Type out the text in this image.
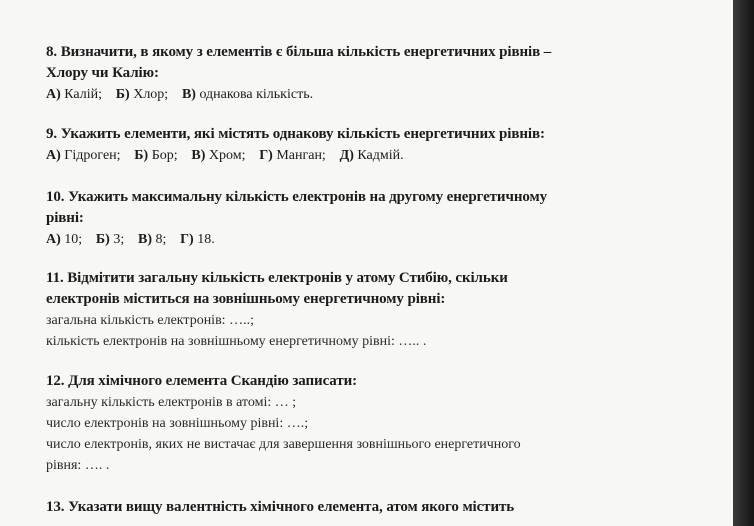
8. Визначити, в якому з елементів є більша кількість енергетичних рівнів –
Хлору чи Калію:
А) Калій; Б) Хлор; В) однакова кількість.
9. Укажить елементи, які містять однакову кількість енергетичних рівнів:
А) Гідроген; Б) Бор; В) Хром; Г) Манган; Д) Кадмій.
10. Укажить максимальну кількість електронів на другому енергетичному
рівні:
А) 10; Б) 3; В) 8; Г) 18.
11. Відмітити загальну кількість електронів у атому Стибію, скільки
електронів міститься на зовнішньому енергетичному рівні:
загальна кількість електронів: …..;
кількість електронів на зовнішньому енергетичному рівні: ….. .
12. Для хімічного елемента Скандію записати:
загальну кількість електронів в атомі: … ;
число електронів на зовнішньому рівні: ….;
число електронів, яких не вистачає для завершення зовнішнього енергетичного
рівня: …. .
13. Указати вищу валентність хімічного елемента, атом якого містить
